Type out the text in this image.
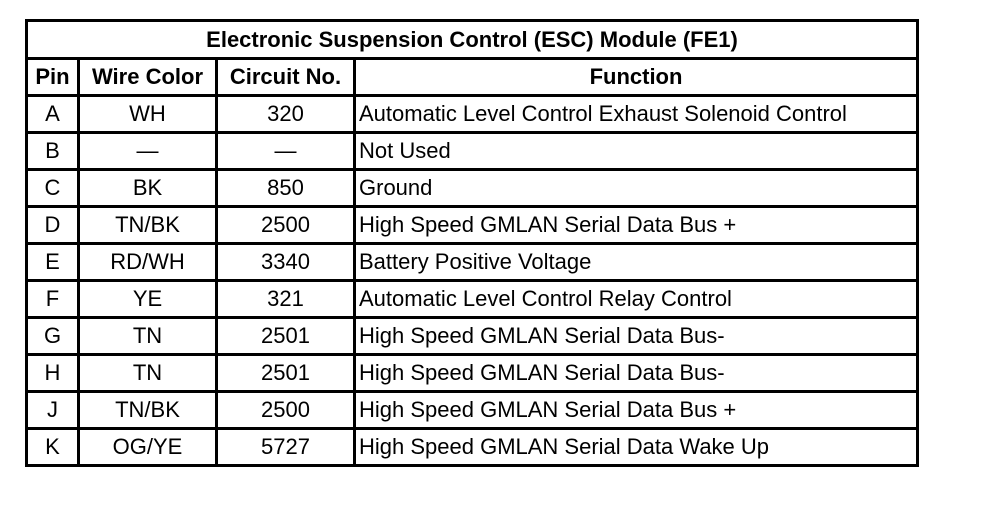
Electronic Suspension Control (ESC) Module (FE1)			
Pin	Wire Color	Circuit No.	Function
A	WH	320	Automatic Level Control Exhaust Solenoid Control
B	—	—	Not Used
C	BK	850	Ground
D	TN/BK	2500	High Speed GMLAN Serial Data Bus +
E	RD/WH	3340	Battery Positive Voltage
F	YE	321	Automatic Level Control Relay Control
G	TN	2501	High Speed GMLAN Serial Data Bus-
H	TN	2501	High Speed GMLAN Serial Data Bus-
J	TN/BK	2500	High Speed GMLAN Serial Data Bus +
K	OG/YE	5727	High Speed GMLAN Serial Data Wake Up
